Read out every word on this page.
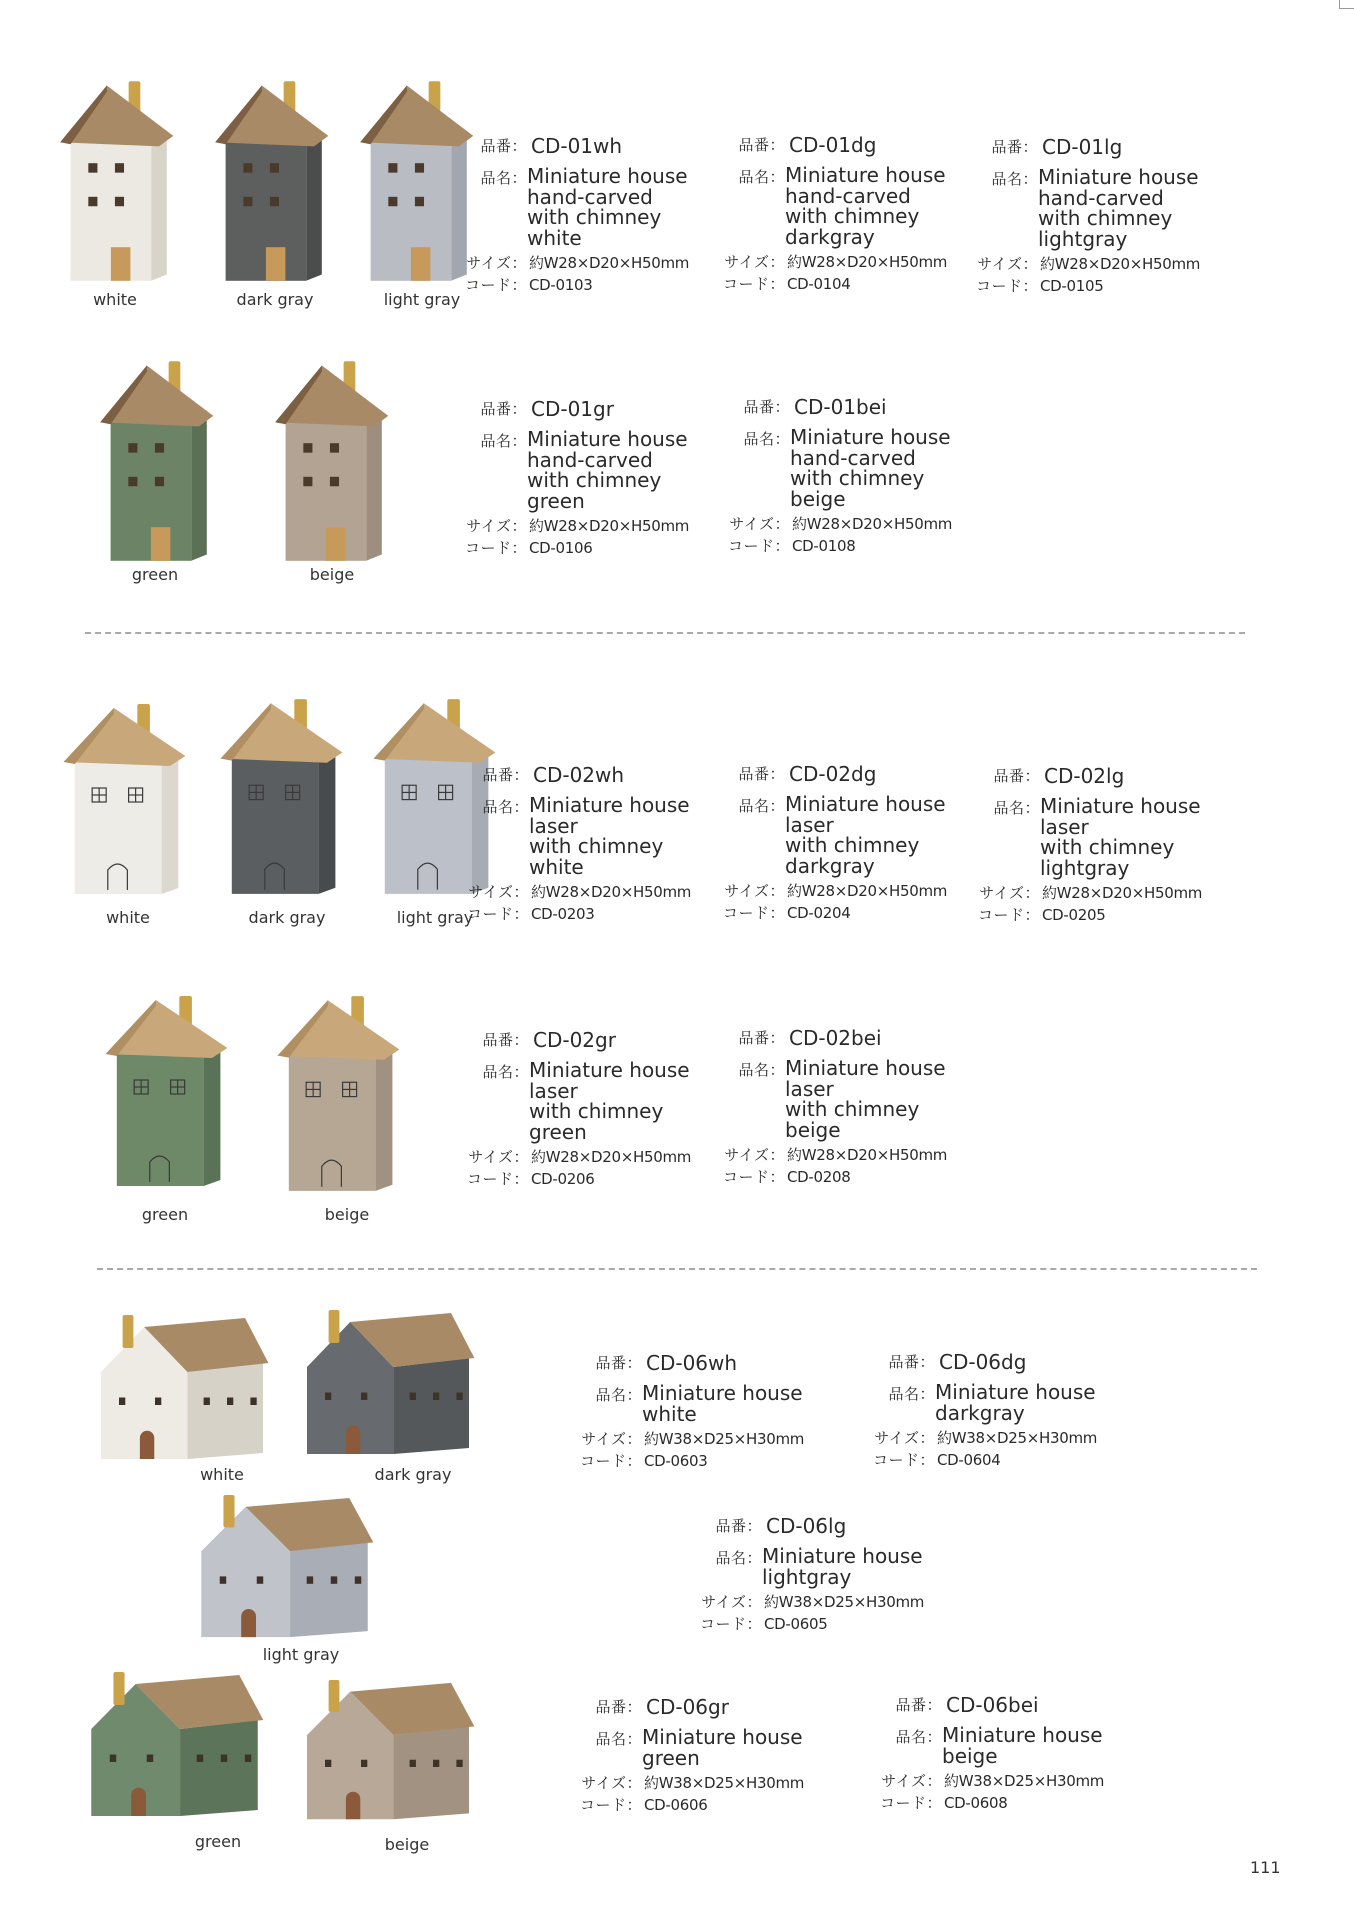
white	dark gray	light gray
green	beige
品番： CD-01wh
品名： Miniature house
hand-carved
with chimney
white
サイズ： 約W28×D20×H50mm
コード： CD-0103
品番： CD-01dg
品名： Miniature house
hand-carved
with chimney
darkgray
サイズ： 約W28×D20×H50mm
コード： CD-0104
品番： CD-01lg
品名： Miniature house
hand-carved
with chimney
lightgray
サイズ： 約W28×D20×H50mm
コード： CD-0105
品番： CD-01gr
品名： Miniature house
hand-carved
with chimney
green
サイズ： 約W28×D20×H50mm
コード： CD-0106
品番： CD-01bei
品名： Miniature house
hand-carved
with chimney
beige
サイズ： 約W28×D20×H50mm
コード： CD-0108
white	dark gray	light gray
green	beige
品番： CD-02wh
品名： Miniature house
laser
with chimney
white
サイズ： 約W28×D20×H50mm
コード： CD-0203
品番： CD-02dg
品名： Miniature house
laser
with chimney
darkgray
サイズ： 約W28×D20×H50mm
コード： CD-0204
品番： CD-02lg
品名： Miniature house
laser
with chimney
lightgray
サイズ： 約W28×D20×H50mm
コード： CD-0205
品番： CD-02gr
品名： Miniature house
laser
with chimney
green
サイズ： 約W28×D20×H50mm
コード： CD-0206
品番： CD-02bei
品名： Miniature house
laser
with chimney
beige
サイズ： 約W28×D20×H50mm
コード： CD-0208
white	dark gray
light gray
green	beige
品番： CD-06wh
品名： Miniature house
white
サイズ： 約W38×D25×H30mm
コード： CD-0603
品番： CD-06dg
品名： Miniature house
darkgray
サイズ： 約W38×D25×H30mm
コード： CD-0604
品番： CD-06lg
品名： Miniature house
lightgray
サイズ： 約W38×D25×H30mm
コード： CD-0605
品番： CD-06gr
品名： Miniature house
green
サイズ： 約W38×D25×H30mm
コード： CD-0606
品番： CD-06bei
品名： Miniature house
beige
サイズ： 約W38×D25×H30mm
コード： CD-0608
111
